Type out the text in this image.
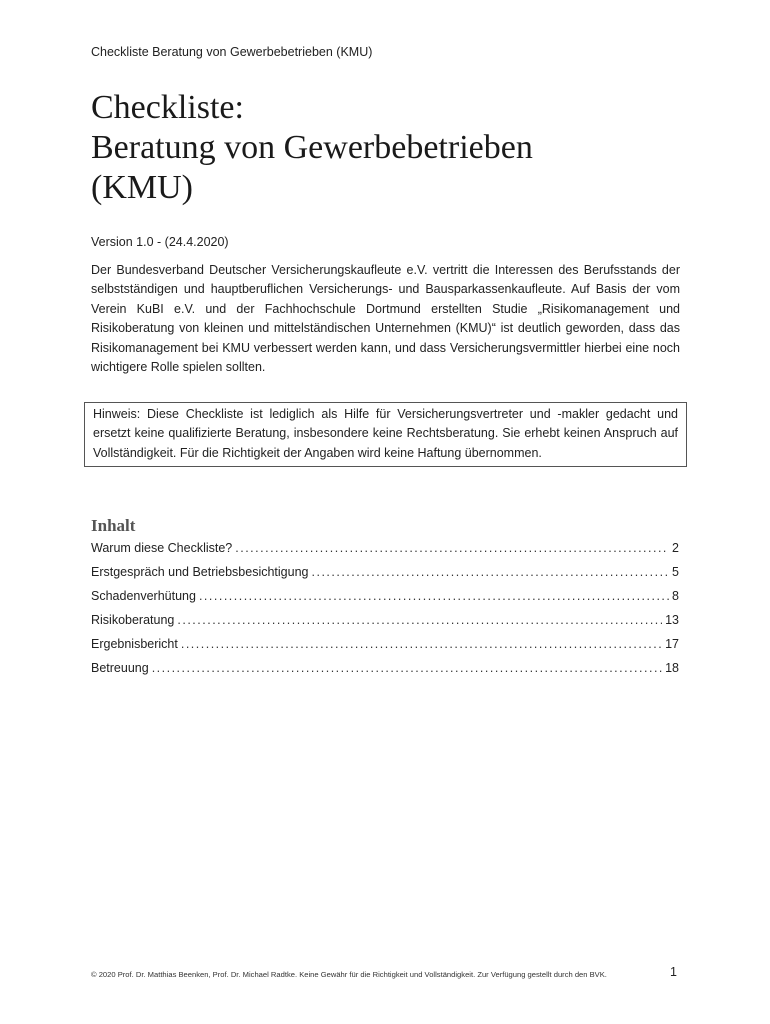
Checkliste Beratung von Gewerbebetrieben (KMU)
Checkliste:
Beratung von Gewerbebetrieben
(KMU)
Version 1.0 - (24.4.2020)

Der Bundesverband Deutscher Versicherungskaufleute e.V. vertritt die Interessen des Berufsstands der selbstständigen und hauptberuflichen Versicherungs- und Bausparkassenkaufleute. Auf Basis der vom Verein KuBI e.V. und der Fachhochschule Dortmund erstellten Studie „Risikomanagement und Risikoberatung von kleinen und mittelständischen Unternehmen (KMU)“ ist deutlich geworden, dass das Risikomanagement bei KMU verbessert werden kann, und dass Versicherungsvermittler hierbei eine noch wichtigere Rolle spielen sollten.

Hinweis: Diese Checkliste ist lediglich als Hilfe für Versicherungsvertreter und -makler gedacht und ersetzt keine qualifizierte Beratung, insbesondere keine Rechtsberatung. Sie erhebt keinen Anspruch auf Vollständigkeit. Für die Richtigkeit der Angaben wird keine Haftung übernommen.
Inhalt
Warum diese Checkliste? .....	2
Erstgespräch und Betriebsbesichtigung .....	5
Schadenverhütung .....	8
Risikoberatung .....	13
Ergebnisbericht .....	17
Betreuung .....	18
© 2020 Prof. Dr. Matthias Beenken, Prof. Dr. Michael Radtke. Keine Gewähr für die Richtigkeit und Vollständigkeit. Zur Verfügung gestellt durch den BVK.	1
